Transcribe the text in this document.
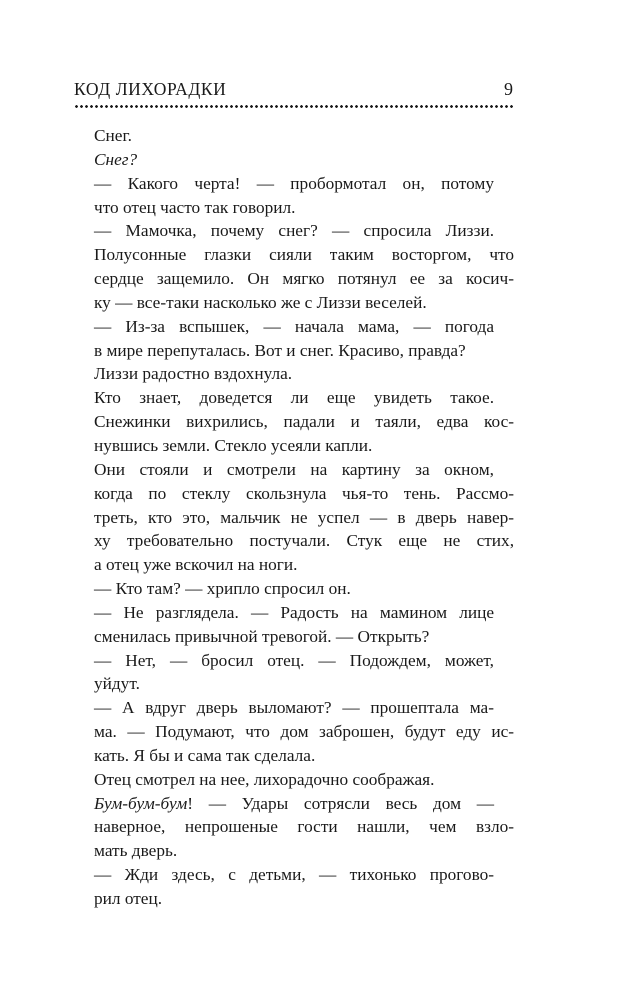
КОД ЛИХОРАДКИ	9

Снег.

Снег?

— Какого черта! — пробормотал он, потому
что отец часто так говорил.

— Мамочка, почему снег? — спросила Лиззи.
Полусонные глазки сияли таким восторгом, что
сердце защемило. Он мягко потянул ее за косич-
ку — все-таки насколько же с Лиззи веселей.

— Из-за вспышек, — начала мама, — погода
в мире перепуталась. Вот и снег. Красиво, правда?

Лиззи радостно вздохнула.

Кто знает, доведется ли еще увидеть такое.
Снежинки вихрились, падали и таяли, едва кос-
нувшись земли. Стекло усеяли капли.

Они стояли и смотрели на картину за окном,
когда по стеклу скользнула чья-то тень. Рассмо-
треть, кто это, мальчик не успел — в дверь навер-
ху требовательно постучали. Стук еще не стих,
а отец уже вскочил на ноги.

— Кто там? — хрипло спросил он.

— Не разглядела. — Радость на мамином лице
сменилась привычной тревогой. — Открыть?

— Нет, — бросил отец. — Подождем, может,
уйдут.

— А вдруг дверь выломают? — прошептала ма-
ма. — Подумают, что дом заброшен, будут еду ис-
кать. Я бы и сама так сделала.

Отец смотрел на нее, лихорадочно соображая.

Бум-бум-бум! — Удары сотрясли весь дом —
наверное, непрошеные гости нашли, чем взло-
мать дверь.

— Жди здесь, с детьми, — тихонько прогово-
рил отец.
